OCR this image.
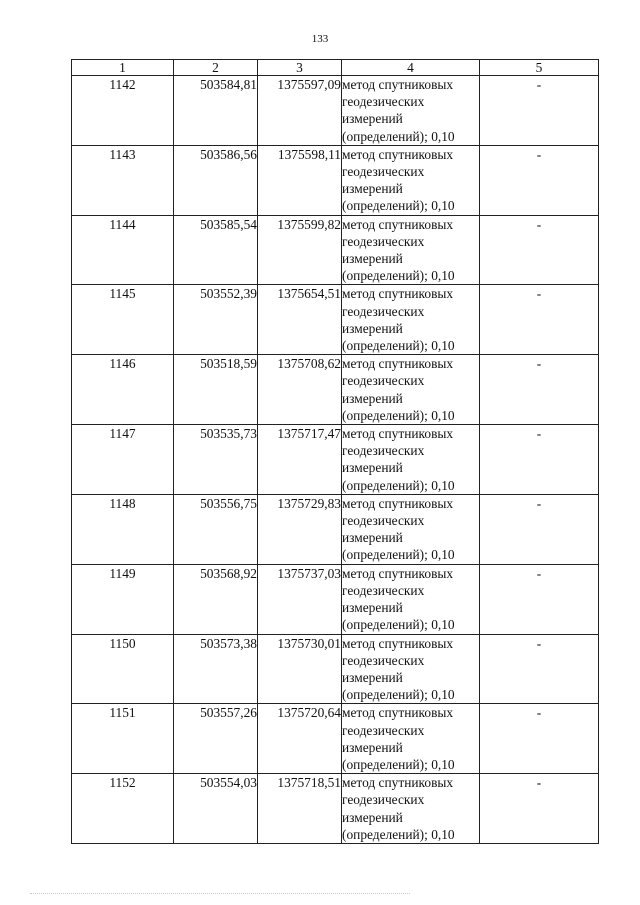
133
1	2	3	4	5
1142	503584,81	1375597,09	метод спутниковых
геодезических
измерений
(определений); 0,10	-
1143	503586,56	1375598,11	метод спутниковых
геодезических
измерений
(определений); 0,10	-
1144	503585,54	1375599,82	метод спутниковых
геодезических
измерений
(определений); 0,10	-
1145	503552,39	1375654,51	метод спутниковых
геодезических
измерений
(определений); 0,10	-
1146	503518,59	1375708,62	метод спутниковых
геодезических
измерений
(определений); 0,10	-
1147	503535,73	1375717,47	метод спутниковых
геодезических
измерений
(определений); 0,10	-
1148	503556,75	1375729,83	метод спутниковых
геодезических
измерений
(определений); 0,10	-
1149	503568,92	1375737,03	метод спутниковых
геодезических
измерений
(определений); 0,10	-
1150	503573,38	1375730,01	метод спутниковых
геодезических
измерений
(определений); 0,10	-
1151	503557,26	1375720,64	метод спутниковых
геодезических
измерений
(определений); 0,10	-
1152	503554,03	1375718,51	метод спутниковых
геодезических
измерений
(определений); 0,10	-
